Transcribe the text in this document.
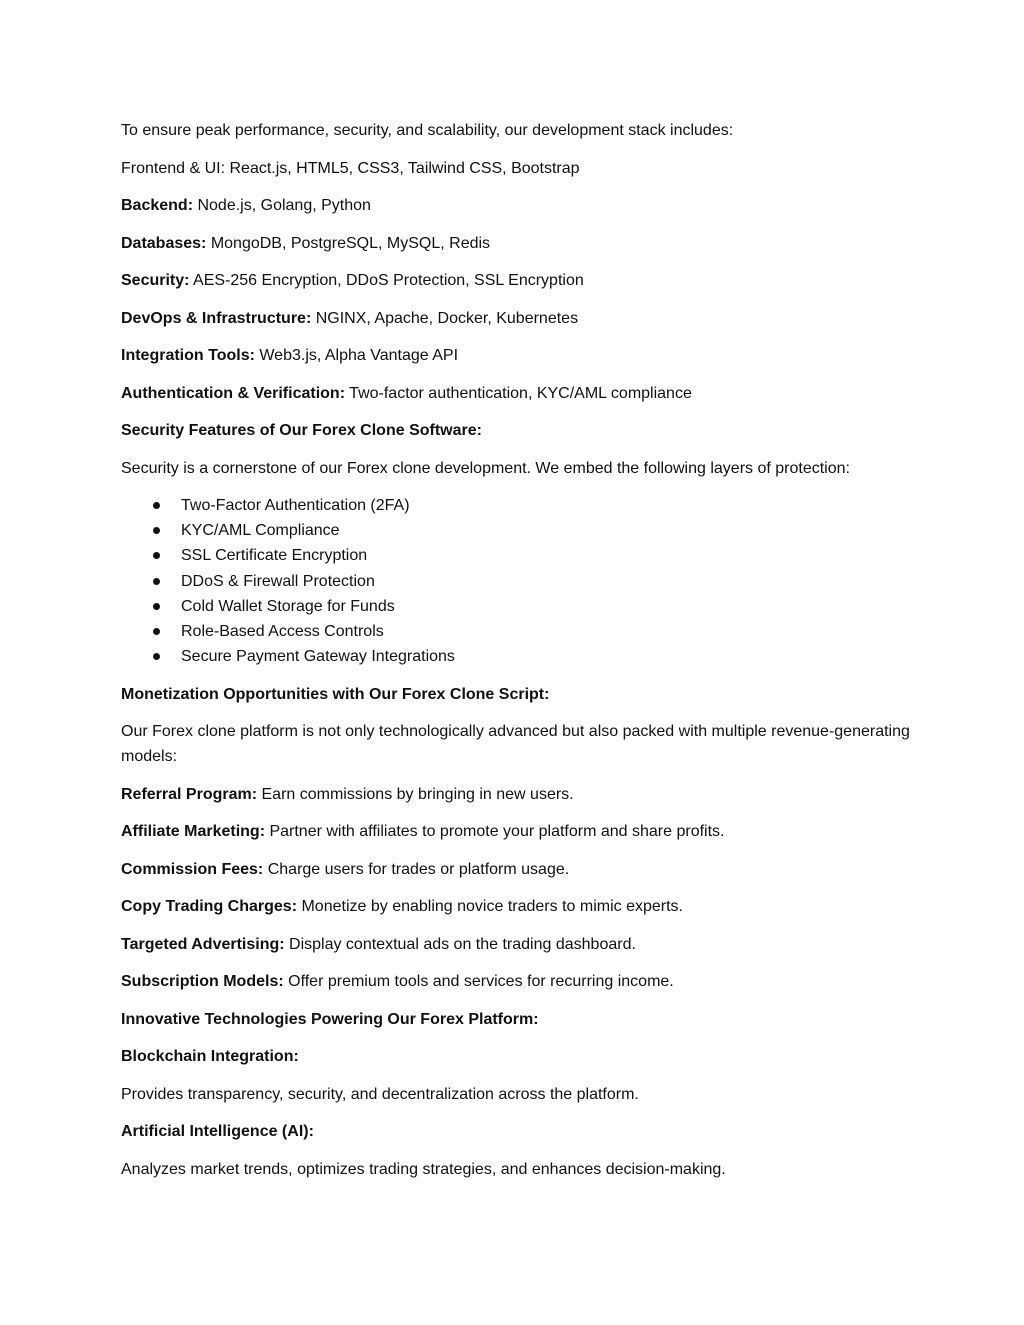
To ensure peak performance, security, and scalability, our development stack includes:

Frontend & UI: React.js, HTML5, CSS3, Tailwind CSS, Bootstrap

Backend: Node.js, Golang, Python

Databases: MongoDB, PostgreSQL, MySQL, Redis

Security: AES-256 Encryption, DDoS Protection, SSL Encryption

DevOps & Infrastructure: NGINX, Apache, Docker, Kubernetes

Integration Tools: Web3.js, Alpha Vantage API

Authentication & Verification: Two-factor authentication, KYC/AML compliance

Security Features of Our Forex Clone Software:

Security is a cornerstone of our Forex clone development. We embed the following layers of protection:

Two-Factor Authentication (2FA)
KYC/AML Compliance
SSL Certificate Encryption
DDoS & Firewall Protection
Cold Wallet Storage for Funds
Role-Based Access Controls
Secure Payment Gateway Integrations

Monetization Opportunities with Our Forex Clone Script:

Our Forex clone platform is not only technologically advanced but also packed with multiple revenue-generating models:

Referral Program: Earn commissions by bringing in new users.

Affiliate Marketing: Partner with affiliates to promote your platform and share profits.

Commission Fees: Charge users for trades or platform usage.

Copy Trading Charges: Monetize by enabling novice traders to mimic experts.

Targeted Advertising: Display contextual ads on the trading dashboard.

Subscription Models: Offer premium tools and services for recurring income.

Innovative Technologies Powering Our Forex Platform:

Blockchain Integration:

Provides transparency, security, and decentralization across the platform.

Artificial Intelligence (AI):

Analyzes market trends, optimizes trading strategies, and enhances decision-making.
